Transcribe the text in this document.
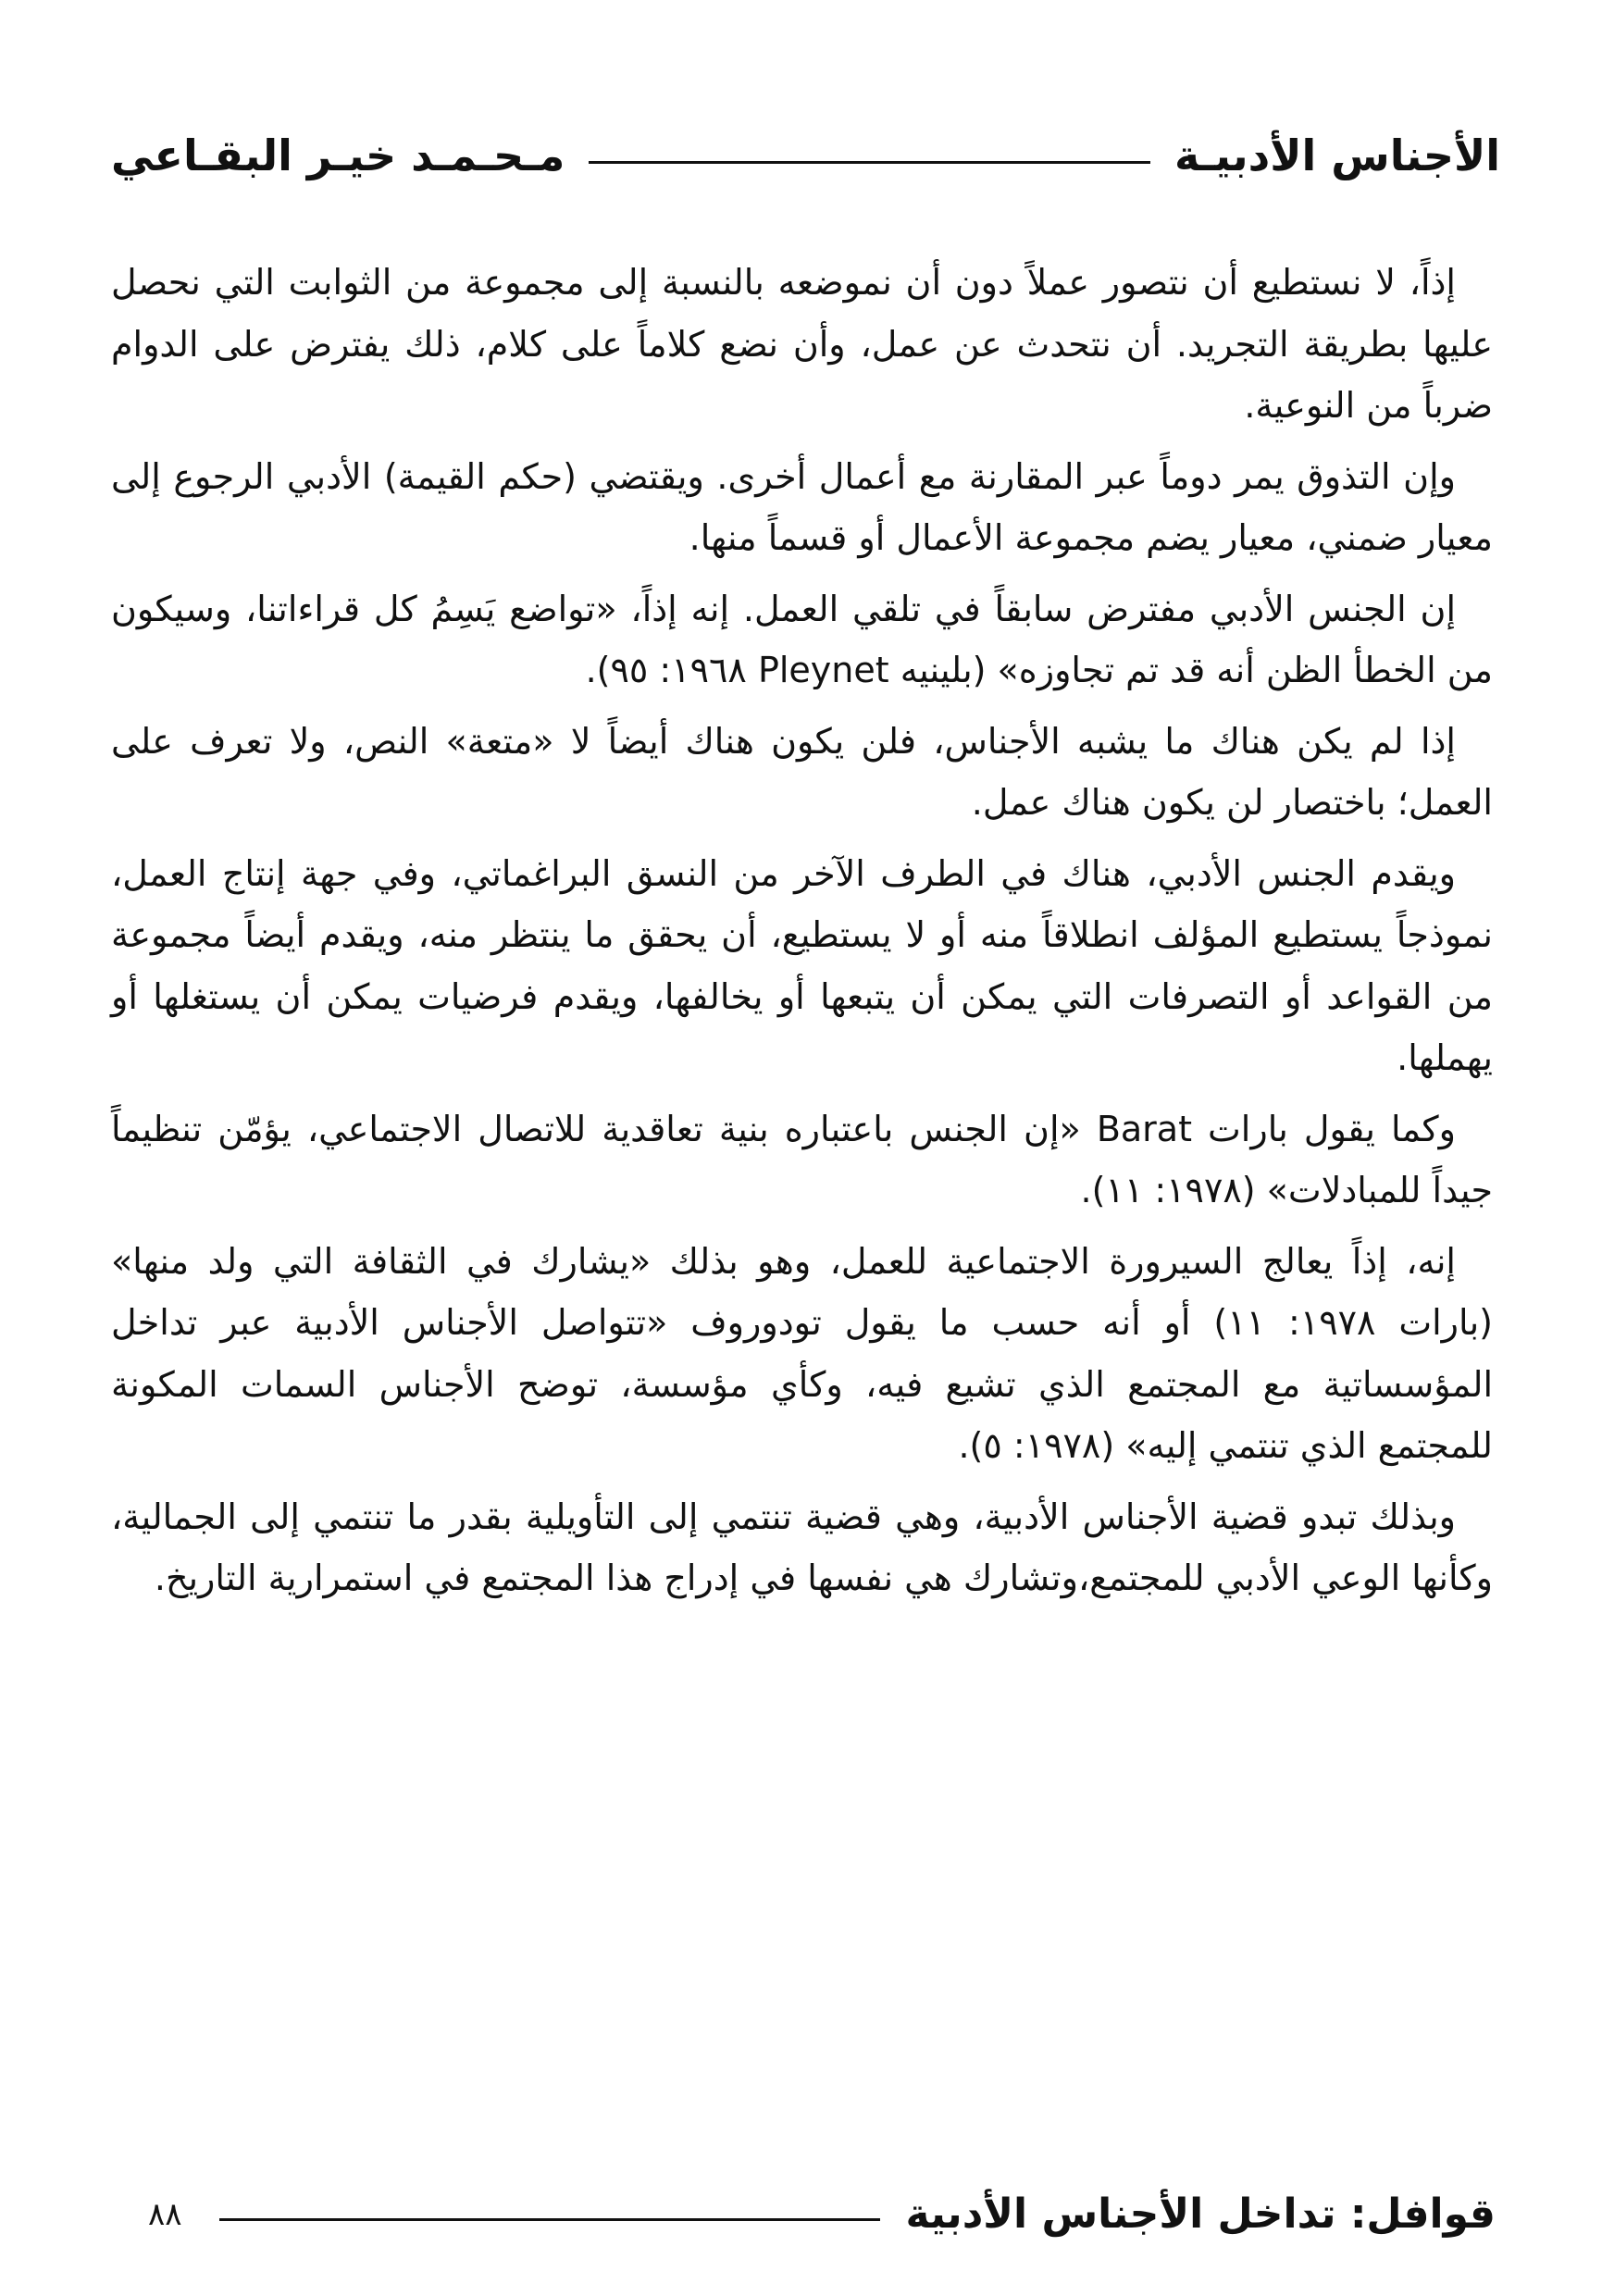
الأجناس الأدبيـة
مـحـمـد خيـر البقـاعي

إذاً، لا نستطيع أن نتصور عملاً دون أن نموضعه بالنسبة إلى مجموعة من الثوابت التي نحصل عليها بطريقة التجريد. أن نتحدث عن عمل، وأن نضع كلاماً على كلام، ذلك يفترض على الدوام ضرباً من النوعية.

وإن التذوق يمر دوماً عبر المقارنة مع أعمال أخرى. ويقتضي (حكم القيمة) الأدبي الرجوع إلى معيار ضمني، معيار يضم مجموعة الأعمال أو قسماً منها.

إن الجنس الأدبي مفترض سابقاً في تلقي العمل. إنه إذاً، «تواضع يَسِمُ كل قراءاتنا، وسيكون من الخطأ الظن أنه قد تم تجاوزه» (بلينيه Pleynet ١٩٦٨: ٩٥).

إذا لم يكن هناك ما يشبه الأجناس، فلن يكون هناك أيضاً لا «متعة» النص، ولا تعرف على العمل؛ باختصار لن يكون هناك عمل.

ويقدم الجنس الأدبي، هناك في الطرف الآخر من النسق البراغماتي، وفي جهة إنتاج العمل، نموذجاً يستطيع المؤلف انطلاقاً منه أو لا يستطيع، أن يحقق ما ينتظر منه، ويقدم أيضاً مجموعة من القواعد أو التصرفات التي يمكن أن يتبعها أو يخالفها، ويقدم فرضيات يمكن أن يستغلها أو يهملها.

وكما يقول بارات Barat «إن الجنس باعتباره بنية تعاقدية للاتصال الاجتماعي، يؤمّن تنظيماً جيداً للمبادلات» (١٩٧٨: ١١).

إنه، إذاً يعالج السيرورة الاجتماعية للعمل، وهو بذلك «يشارك في الثقافة التي ولد منها» (بارات ١٩٧٨: ١١) أو أنه حسب ما يقول تودوروف «تتواصل الأجناس الأدبية عبر تداخل المؤسساتية مع المجتمع الذي تشيع فيه، وكأي مؤسسة، توضح الأجناس السمات المكونة للمجتمع الذي تنتمي إليه» (١٩٧٨: ٥).

وبذلك تبدو قضية الأجناس الأدبية، وهي قضية تنتمي إلى التأويلية بقدر ما تنتمي إلى الجمالية، وكأنها الوعي الأدبي للمجتمع،وتشارك هي نفسها في إدراج هذا المجتمع في استمرارية التاريخ.

قوافل: تداخل الأجناس الأدبية
٨٨
